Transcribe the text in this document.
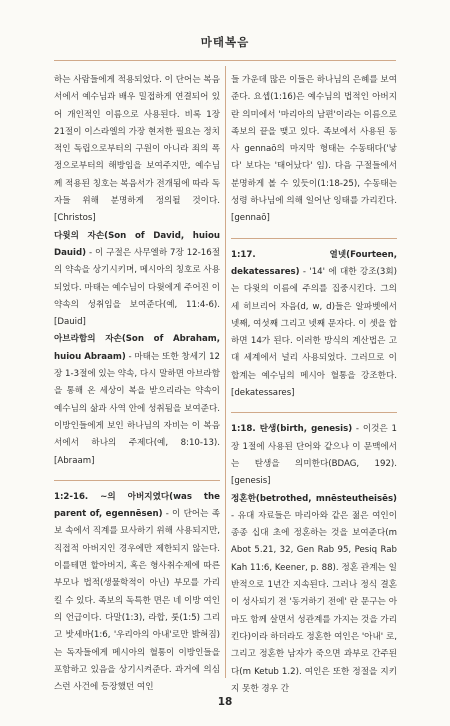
마태복음

하는 사람들에게 적용되었다. 이 단어는 복음서에서 예수님과 배우 밀접하게 연결되어 있어 개인적인 이름으로 사용된다. 비록 1장 21절이 이스라엘의 가장 현저한 필요는 정치적인 독립으로부터의 구원이 아니라 죄의 폭정으로부터의 해방임을 보여주지만, 예수님께 적용된 칭호는 복음서가 전개됨에 따라 독자들 위해 분명하게 정의될 것이다. [Christos]

다윗의 자손(Son of David, huiou Dauid) - 이 구절은 사무엘하 7장 12-16절의 약속을 상기시키며, 메시아의 칭호로 사용되었다. 마태는 예수님이 다윗에게 주어진 이 약속의 성취임을 보여준다(예, 11:4-6). [Dauid]

아브라함의 자손(Son of Abraham, huiou Abraam) - 마태는 또한 창세기 12장 1-3절에 있는 약속, 다시 말하면 아브라함을 통해 온 세상이 복을 받으리라는 약속이 예수님의 삶과 사역 안에 성취됨을 보여준다. 이방인들에게 보인 하나님의 자비는 이 복음서에서 하나의 주제다(예, 8:10-13). [Abraam]

1:2-16. ~의 아버지였다(was the parent of, egennēsen) - 이 단어는 족보 속에서 직계를 묘사하기 위해 사용되지만, 직접적 아버지인 경우에만 제한되지 않는다. 이를테면 할아버지, 혹은 형사취수제에 따른 부모나 법적(생물학적이 아닌) 부모를 가리킬 수 있다. 족보의 독특한 면은 네 이방 여인의 언급이다. 다말(1:3), 라합, 룻(1:5) 그리고 밧세바(1:6, '우리아의 아내'로만 밝혀짐)는 독자들에게 메시아의 혈통이 이방인들을 포함하고 있음을 상기시켜준다. 과거에 의심스런 사건에 등장했던 여인

들 가운데 많은 이들은 하나님의 은혜를 보여준다. 요셉(1:16)은 예수님의 법적인 아버지란 의미에서 '마리아의 남편'이라는 이름으로 족보의 끝을 맺고 있다. 족보에서 사용된 동사 gennaō의 마지막 형태는 수동태다('낳다' 보다는 '태어났다' 임). 다음 구절들에서 분명하게 볼 수 있듯이(1:18-25), 수동태는 성령 하나님에 의해 일어난 잉태를 가리킨다. [gennaō]

1:17. 열넷(Fourteen, dekatessares) - '14' 에 대한 강조(3회)는 다윗의 이름에 주의를 집중시킨다. 그의 세 히브리어 자음(d, w, d)들은 알파벳에서 넷째, 여섯째 그리고 넷째 문자다. 이 셋을 합하면 14가 된다. 이러한 방식의 계산법은 고대 세계에서 널리 사용되었다. 그러므로 이 합계는 예수님의 메시아 혈통을 강조한다. [dekatessares]

1:18. 탄생(birth, genesis) - 이것은 1장 1절에 사용된 단어와 같으나 이 문맥에서는 탄생을 의미한다(BDAG, 192). [genesis]

정혼한(betrothed, mnēsteutheisēs) - 유대 자료들은 마리아와 같은 젊은 여인이 종종 십대 초에 정혼하는 것을 보여준다(m Abot 5.21, 32, Gen Rab 95, Pesiq Rab Kah 11:6, Keener, p. 88). 정혼 관계는 일반적으로 1년간 지속된다. 그러나 정식 결혼이 성사되기 전 '동거하기 전에' 란 문구는 아마도 함께 살면서 성관계를 가지는 것을 가리킨다)이라 하더라도 정혼한 여인은 '아내' 로, 그리고 정혼한 남자가 죽으면 과부로 간주된다(m Ketub 1.2). 여인은 또한 정절을 지키지 못한 경우 간

18
